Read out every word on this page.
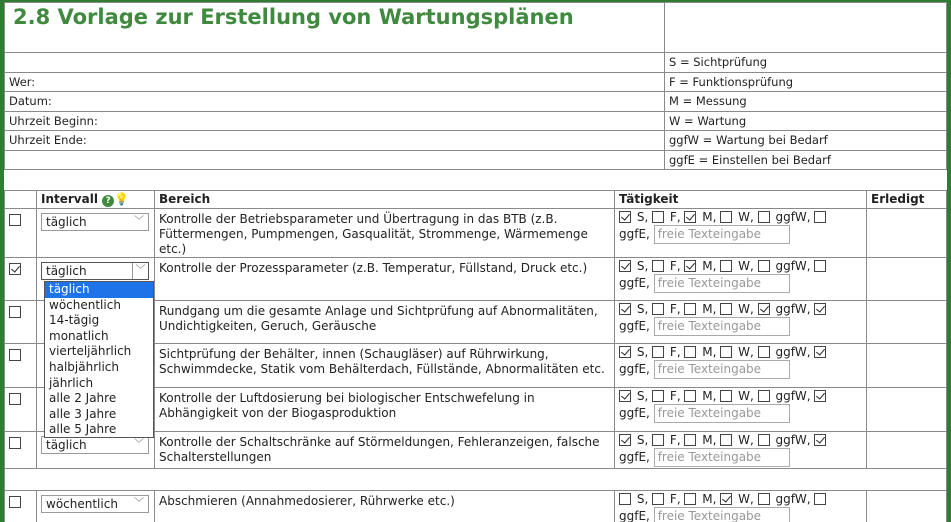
2.8 Vorlage zur Erstellung von Wartungsplänen	

	S = Sichtprüfung
Wer:	F = Funktionsprüfung
Datum:	M = Messung
Uhrzeit Beginn:	W = Wartung
Uhrzeit Ende:	ggfW = Wartung bei Bedarf
	ggfE = Einstellen bei Bedarf
	Intervall ? 💡	Bereich	Tätigkeit	Erledigt
	täglich ﹀	Kontrolle der Betriebsparameter und Übertragung in das BTB (z.B. Füttermengen, Pumpmengen, Gasqualität, Strommenge, Wärmemenge etc.)	S, F, M, W, ggfW,
ggfE, freie Texteingabe	
	täglich ﹀	Kontrolle der Prozessparameter (z.B. Temperatur, Füllstand, Druck etc.)	S, F, M, W, ggfW,
ggfE, freie Texteingabe	
		Rundgang um die gesamte Anlage und Sichtprüfung auf Abnormalitäten, Undichtigkeiten, Geruch, Geräusche	S, F, M, W, ggfW,
ggfE, freie Texteingabe	
		Sichtprüfung der Behälter, innen (Schaugläser) auf Rührwirkung, Schwimmdecke, Statik vom Behälterdach, Füllstände, Abnormalitäten etc.	S, F, M, W, ggfW,
ggfE, freie Texteingabe	
		Kontrolle der Luftdosierung bei biologischer Entschwefelung in Abhängigkeit von der Biogasproduktion	S, F, M, W, ggfW,
ggfE, freie Texteingabe	
	täglich ﹀	Kontrolle der Schaltschränke auf Störmeldungen, Fehleranzeigen, falsche Schalterstellungen	S, F, M, W, ggfW,
ggfE, freie Texteingabe	

	wöchentlich ﹀	Abschmieren (Annahmedosierer, Rührwerke etc.)	S, F, M, W, ggfW,
ggfE, freie Texteingabe	
täglich
wöchentlich
14-tägig
monatlich
vierteljährlich
halbjährlich
jährlich
alle 2 Jahre
alle 3 Jahre
alle 5 Jahre
